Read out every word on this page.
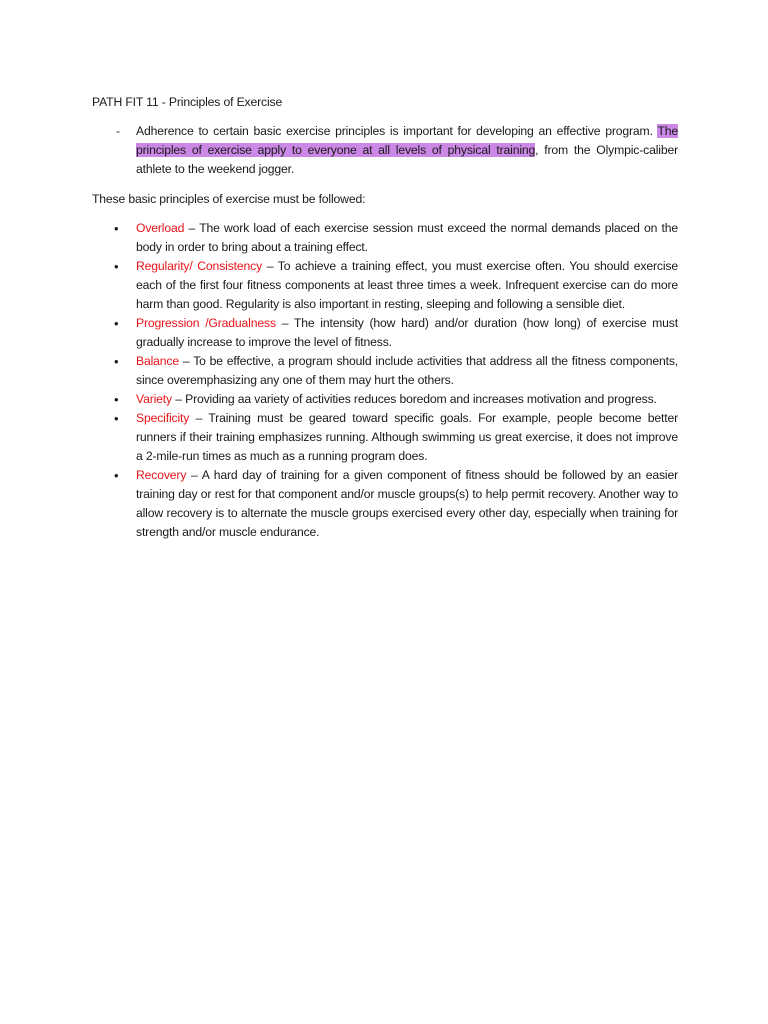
PATH FIT 11 - Principles of Exercise

-	Adherence to certain basic exercise principles is important for developing an effective program. The principles of exercise apply to everyone at all levels of physical training, from the Olympic-caliber athlete to the weekend jogger.

These basic principles of exercise must be followed:

•	Overload – The work load of each exercise session must exceed the normal demands placed on the body in order to bring about a training effect.
•	Regularity/ Consistency – To achieve a training effect, you must exercise often. You should exercise each of the first four fitness components at least three times a week. Infrequent exercise can do more harm than good. Regularity is also important in resting, sleeping and following a sensible diet.
•	Progression /Gradualness – The intensity (how hard) and/or duration (how long) of exercise must gradually increase to improve the level of fitness.
•	Balance – To be effective, a program should include activities that address all the fitness components, since overemphasizing any one of them may hurt the others.
•	Variety – Providing aa variety of activities reduces boredom and increases motivation and progress.
•	Specificity – Training must be geared toward specific goals. For example, people become better runners if their training emphasizes running. Although swimming us great exercise, it does not improve a 2-mile-run times as much as a running program does.
•	Recovery – A hard day of training for a given component of fitness should be followed by an easier training day or rest for that component and/or muscle groups(s) to help permit recovery. Another way to allow recovery is to alternate the muscle groups exercised every other day, especially when training for strength and/or muscle endurance.
